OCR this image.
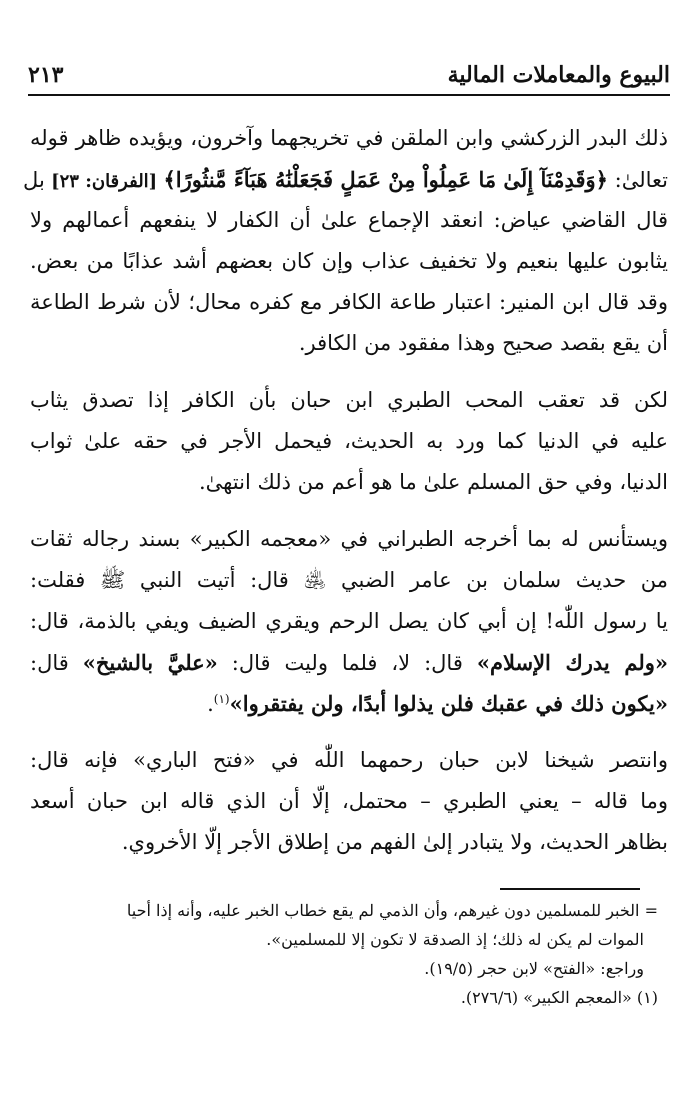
البيوع والمعاملات المالية
٢١٣
ذلك البدر الزركشي وابن الملقن في تخريجهما وآخرون، ويؤيده ظاهر قوله
تعالىٰ: ﴿وَقَدِمْنَآ إِلَىٰ مَا عَمِلُواْ مِنْ عَمَلٍ فَجَعَلْنَٰهُ هَبَآءً مَّنثُورًا﴾ [الفرقان: ٢٣] بل
قال القاضي عياض: انعقد الإجماع علىٰ أن الكفار لا ينفعهم أعمالهم ولا
يثابون عليها بنعيم ولا تخفيف عذاب وإن كان بعضهم أشد عذابًا من بعض.
وقد قال ابن المنير: اعتبار طاعة الكافر مع كفره محال؛ لأن شرط الطاعة
أن يقع بقصد صحيح وهذا مفقود من الكافر.
لكن قد تعقب المحب الطبري ابن حبان بأن الكافر إذا تصدق يثاب
عليه في الدنيا كما ورد به الحديث، فيحمل الأجر في حقه علىٰ ثواب
الدنيا، وفي حق المسلم علىٰ ما هو أعم من ذلك انتهىٰ.
ويستأنس له بما أخرجه الطبراني في «معجمه الكبير» بسند رجاله ثقات
من حديث سلمان بن عامر الضبي ﵁ قال: أتيت النبي ﷺ فقلت:
يا رسول اللّٰه! إن أبي كان يصل الرحم ويقري الضيف ويفي بالذمة، قال:
«ولم يدرك الإسلام» قال: لا، فلما وليت قال: «عليَّ بالشيخ» قال:
«يكون ذلك في عقبك فلن يذلوا أبدًا، ولن يفتقروا»$^{(١)}$.
وانتصر شيخنا لابن حبان رحمهما اللّٰه في «فتح الباري» فإنه قال:
وما قاله – يعني الطبري – محتمل، إلّا أن الذي قاله ابن حبان أسعد
بظاهر الحديث، ولا يتبادر إلىٰ الفهم من إطلاق الأجر إلّا الأخروي.
= الخبر للمسلمين دون غيرهم، وأن الذمي لم يقع خطاب الخبر عليه، وأنه إذا أحيا
الموات لم يكن له ذلك؛ إذ الصدقة لا تكون إلا للمسلمين».
وراجع: «الفتح» لابن حجر (١٩/٥).
(١) «المعجم الكبير» (٢٧٦/٦).
